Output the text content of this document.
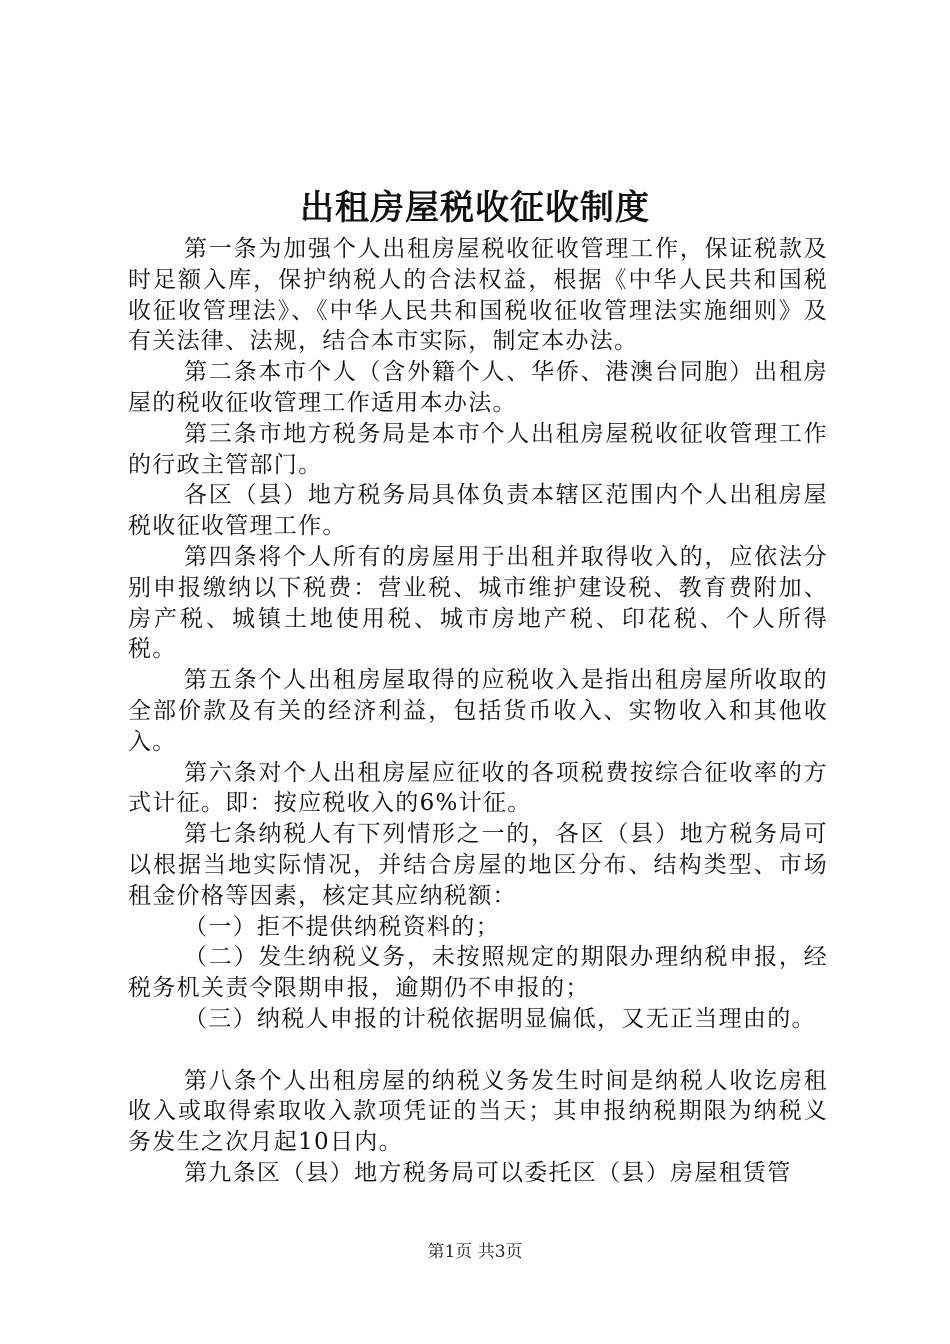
出租房屋税收征收制度

第一条为加强个人出租房屋税收征收管理工作，保证税款及时足额入库，保护纳税人的合法权益，根据《中华人民共和国税收征收管理法》、《中华人民共和国税收征收管理法实施细则》及有关法律、法规，结合本市实际，制定本办法。

第二条本市个人（含外籍个人、华侨、港澳台同胞）出租房屋的税收征收管理工作适用本办法。

第三条市地方税务局是本市个人出租房屋税收征收管理工作的行政主管部门。

各区（县）地方税务局具体负责本辖区范围内个人出租房屋税收征收管理工作。

第四条将个人所有的房屋用于出租并取得收入的，应依法分别申报缴纳以下税费：营业税、城市维护建设税、教育费附加、房产税、城镇土地使用税、城市房地产税、印花税、个人所得税。

第五条个人出租房屋取得的应税收入是指出租房屋所收取的全部价款及有关的经济利益，包括货币收入、实物收入和其他收入。

第六条对个人出租房屋应征收的各项税费按综合征收率的方式计征。即：按应税收入的6%计征。

第七条纳税人有下列情形之一的，各区（县）地方税务局可以根据当地实际情况，并结合房屋的地区分布、结构类型、市场租金价格等因素，核定其应纳税额：

（一）拒不提供纳税资料的；

（二）发生纳税义务，未按照规定的期限办理纳税申报，经税务机关责令限期申报，逾期仍不申报的；

（三）纳税人申报的计税依据明显偏低，又无正当理由的。

第八条个人出租房屋的纳税义务发生时间是纳税人收讫房租收入或取得索取收入款项凭证的当天；其申报纳税期限为纳税义务发生之次月起10日内。

第九条区（县）地方税务局可以委托区（县）房屋租赁管

第1页 共3页
